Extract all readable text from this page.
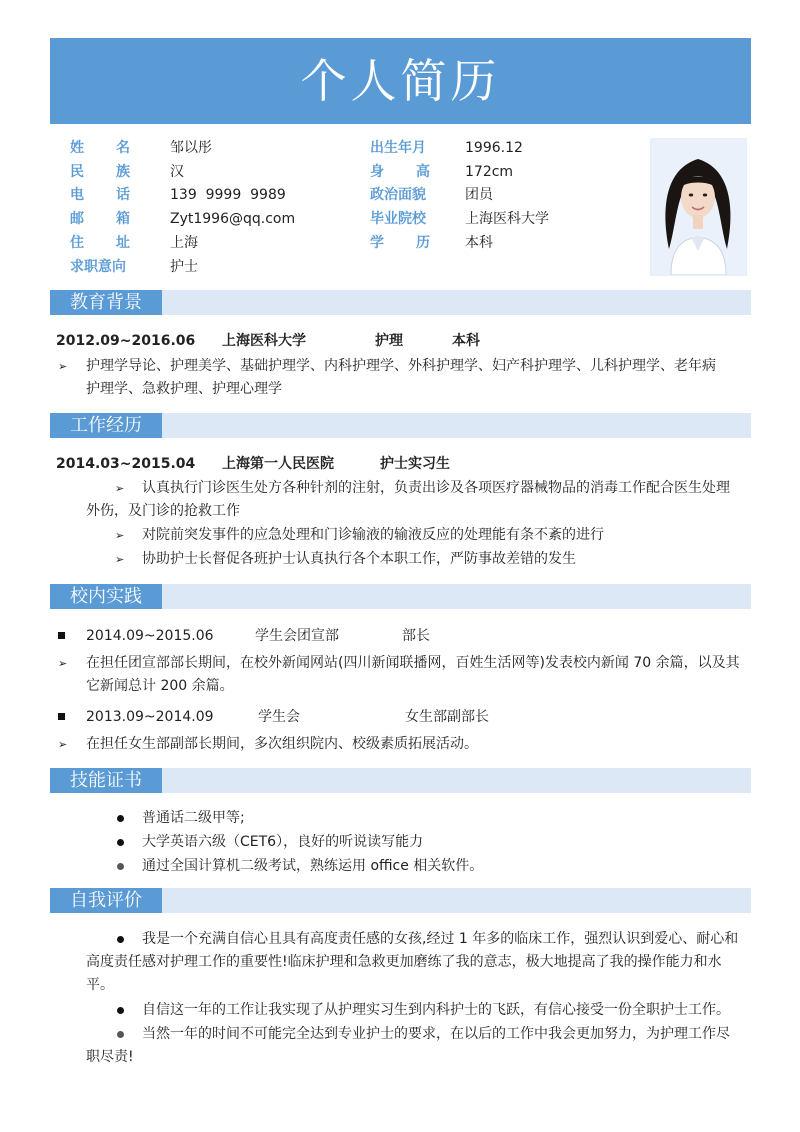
个人简历
姓 名	邹以彤
民 族	汉
电 话	139  9999  9989
邮 箱	Zyt1996@qq.com
住 址	上海
求职意向	护士
出生年月	1996.12
身 高	172cm
政治面貌	团员
毕业院校	上海医科大学
学 历	本科
教育背景
2012.09~2016.06 上海医科大学	护理	本科
➢ 护理学导论、护理美学、基础护理学、内科护理学、外科护理学、妇产科护理学、儿科护理学、老年病护理学、急救护理、护理心理学
工作经历
2014.03~2015.04 上海第一人民医院	护士实习生
➢	认真执行门诊医生处方各种针剂的注射，负责出诊及各项医疗器械物品的消毒工作配合医生处理外伤，及门诊的抢救工作
➢ 对院前突发事件的应急处理和门诊输液的输液反应的处理能有条不紊的进行
➢ 协助护士长督促各班护士认真执行各个本职工作，严防事故差错的发生
校内实践
2014.09~2015.06	学生会团宣部	部长
➢ 在担任团宣部部长期间，在校外新闻网站(四川新闻联播网，百姓生活网等)发表校内新闻 70 余篇，以及其它新闻总计 200 余篇。
2013.09~2014.09	学生会	女生部副部长
➢ 在担任女生部副部长期间，多次组织院内、校级素质拓展活动。
技能证书
普通话二级甲等;
大学英语六级（CET6），良好的听说读写能力
通过全国计算机二级考试，熟练运用 office 相关软件。
自我评价
我是一个充满自信心且具有高度责任感的女孩,经过 1 年多的临床工作，强烈认识到爱心、耐心和高度责任感对护理工作的重要性!临床护理和急救更加磨练了我的意志，极大地提高了我的操作能力和水平。
自信这一年的工作让我实现了从护理实习生到内科护士的飞跃，有信心接受一份全职护士工作。
当然一年的时间不可能完全达到专业护士的要求，在以后的工作中我会更加努力，为护理工作尽职尽责!
